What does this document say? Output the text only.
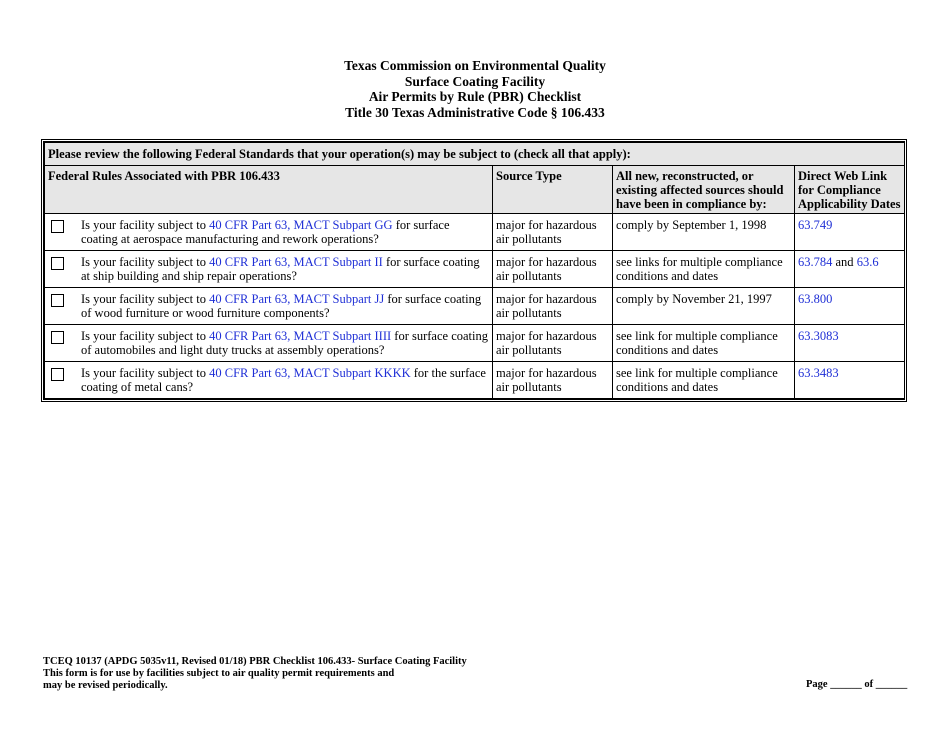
Texas Commission on Environmental Quality
Surface Coating Facility
Air Permits by Rule (PBR) Checklist
Title 30 Texas Administrative Code § 106.433
Please review the following Federal Standards that your operation(s) may be subject to (check all that apply):			
Federal Rules Associated with PBR 106.433	Source Type	All new, reconstructed, or existing affected sources should have been in compliance by:	Direct Web Link for Compliance Applicability Dates

Is your facility subject to 40 CFR Part 63, MACT Subpart GG for surface coating at aerospace manufacturing and rework operations?	major for hazardous air pollutants	comply by September 1, 1998	63.749

Is your facility subject to 40 CFR Part 63, MACT Subpart II for surface coating at ship building and ship repair operations?	major for hazardous air pollutants	see links for multiple compliance conditions and dates	63.784 and 63.6

Is your facility subject to 40 CFR Part 63, MACT Subpart JJ for surface coating of wood furniture or wood furniture components?	major for hazardous air pollutants	comply by November 21, 1997	63.800

Is your facility subject to 40 CFR Part 63, MACT Subpart IIII for surface coating of automobiles and light duty trucks at assembly operations?	major for hazardous air pollutants	see link for multiple compliance conditions and dates	63.3083

Is your facility subject to 40 CFR Part 63, MACT Subpart KKKK for the surface coating of metal cans?	major for hazardous air pollutants	see link for multiple compliance conditions and dates	63.3483
TCEQ 10137 (APDG 5035v11, Revised 01/18) PBR Checklist 106.433- Surface Coating Facility
This form is for use by facilities subject to air quality permit requirements and
may be revised periodically.	Page ______ of ______
